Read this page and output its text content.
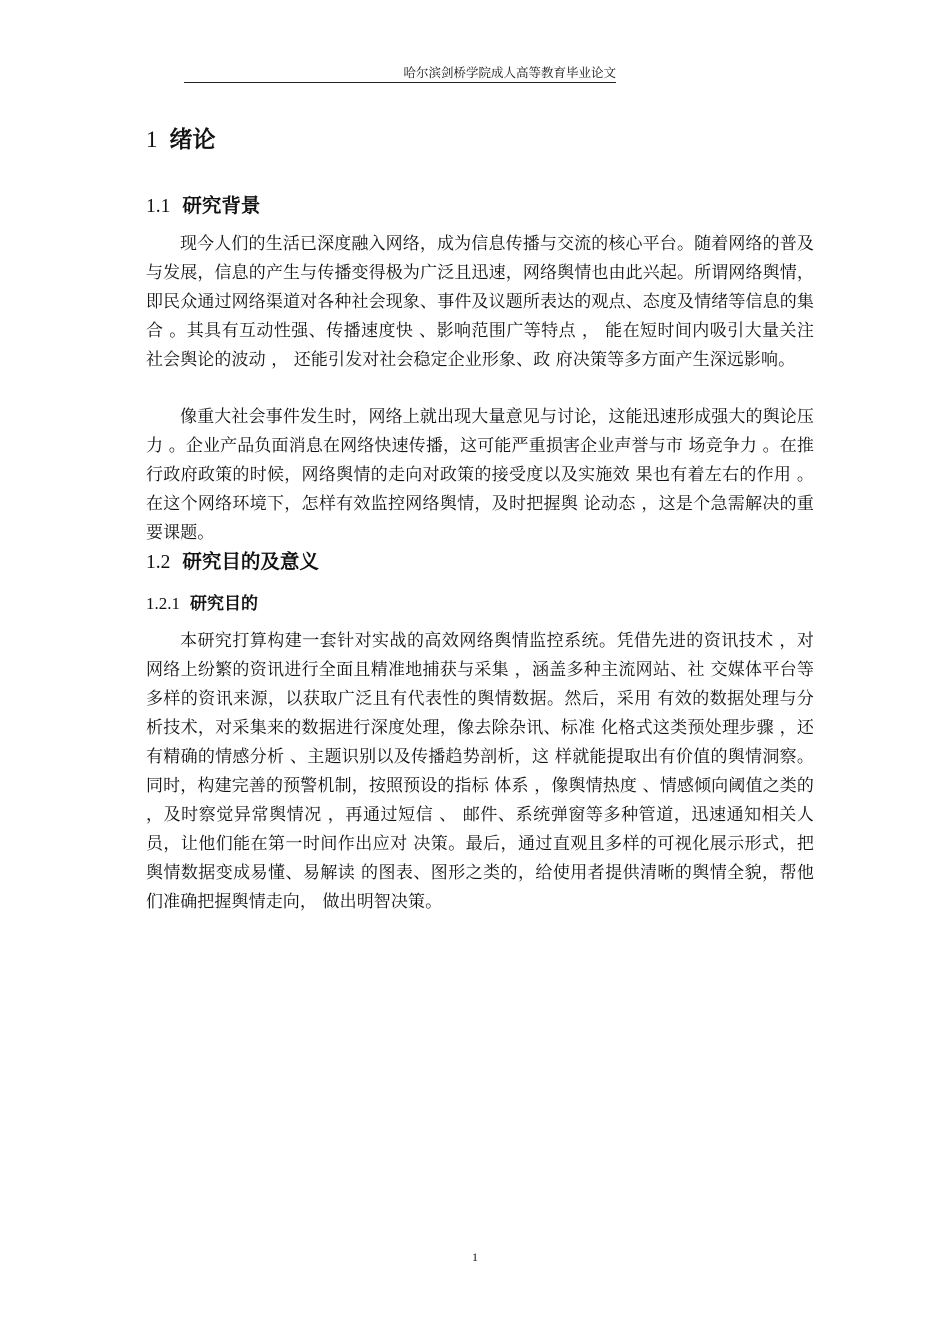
哈尔滨剑桥学院成人高等教育毕业论文
1 绪论
1.1 研究背景

现今人们的生活已深度融入网络，成为信息传播与交流的核心平台。随着网络的普及与发展，信息的产生与传播变得极为广泛且迅速，网络舆情也由此兴起。所谓网络舆情，即民众通过网络渠道对各种社会现象、事件及议题所表达的观点、态度及情绪等信息的集合 。其具有互动性强、传播速度快 、影响范围广等特点 ， 能在短时间内吸引大量关注社会舆论的波动 ， 还能引发对社会稳定企业形象、政 府决策等多方面产生深远影响。

像重大社会事件发生时，网络上就出现大量意见与讨论，这能迅速形成强大的舆论压力 。企业产品负面消息在网络快速传播，这可能严重损害企业声誉与市 场竞争力 。在推行政府政策的时候，网络舆情的走向对政策的接受度以及实施效 果也有着左右的作用 。在这个网络环境下，怎样有效监控网络舆情，及时把握舆 论动态 ，这是个急需解决的重要课题。

1.2 研究目的及意义
1.2.1 研究目的

本研究打算构建一套针对实战的高效网络舆情监控系统。凭借先进的资讯技术 ，对网络上纷繁的资讯进行全面且精准地捕获与采集 ，涵盖多种主流网站、社 交媒体平台等多样的资讯来源，以获取广泛且有代表性的舆情数据。然后，采用 有效的数据处理与分析技术，对采集来的数据进行深度处理，像去除杂讯、标准 化格式这类预处理步骤 ，还有精确的情感分析 、主题识别以及传播趋势剖析，这 样就能提取出有价值的舆情洞察。同时，构建完善的预警机制，按照预设的指标 体系 ，像舆情热度 、情感倾向阈值之类的 ，及时察觉异常舆情况 ，再通过短信 、 邮件、系统弹窗等多种管道，迅速通知相关人员，让他们能在第一时间作出应对 决策。最后，通过直观且多样的可视化展示形式，把舆情数据变成易懂、易解读 的图表、图形之类的，给使用者提供清晰的舆情全貌，帮他们准确把握舆情走向， 做出明智决策。

1
